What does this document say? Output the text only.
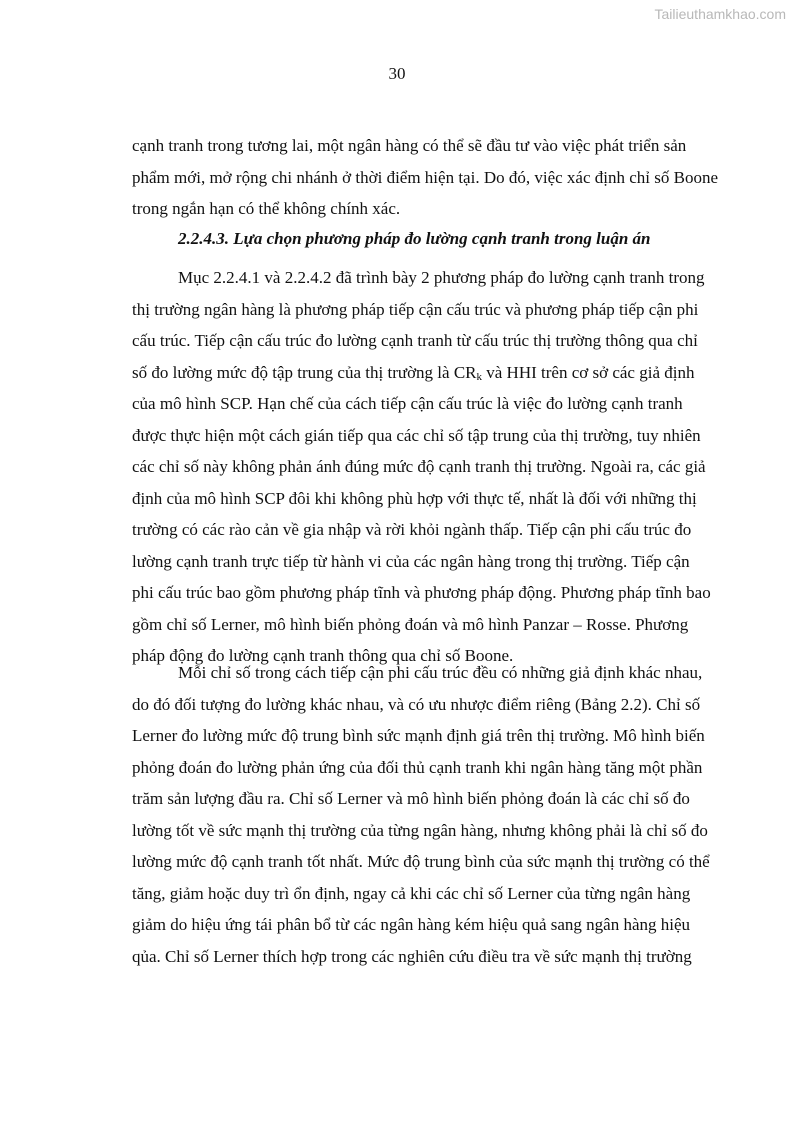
Tailieuthamkhao.com
30
cạnh tranh trong tương lai, một ngân hàng có thể sẽ đầu tư vào việc phát triển sản
phẩm mới, mở rộng chi nhánh ở thời điểm hiện tại. Do đó, việc xác định chỉ số Boone
trong ngắn hạn có thể không chính xác.
2.2.4.3. Lựa chọn phương pháp đo lường cạnh tranh trong luận án
Mục 2.2.4.1 và 2.2.4.2 đã trình bày 2 phương pháp đo lường cạnh tranh trong
thị trường ngân hàng là phương pháp tiếp cận cấu trúc và phương pháp tiếp cận phi
cấu trúc. Tiếp cận cấu trúc đo lường cạnh tranh từ cấu trúc thị trường thông qua chỉ
số đo lường mức độ tập trung của thị trường là $CR_k$ và HHI trên cơ sở các giả định
của mô hình SCP. Hạn chế của cách tiếp cận cấu trúc là việc đo lường cạnh tranh
được thực hiện một cách gián tiếp qua các chỉ số tập trung của thị trường, tuy nhiên
các chỉ số này không phản ánh đúng mức độ cạnh tranh thị trường. Ngoài ra, các giả
định của mô hình SCP đôi khi không phù hợp với thực tế, nhất là đối với những thị
trường có các rào cản về gia nhập và rời khỏi ngành thấp. Tiếp cận phi cấu trúc đo
lường cạnh tranh trực tiếp từ hành vi của các ngân hàng trong thị trường. Tiếp cận
phi cấu trúc bao gồm phương pháp tĩnh và phương pháp động. Phương pháp tĩnh bao
gồm chỉ số Lerner, mô hình biến phỏng đoán và mô hình Panzar – Rosse. Phương
pháp động đo lường cạnh tranh thông qua chỉ số Boone.
Mỗi chỉ số trong cách tiếp cận phi cấu trúc đều có những giả định khác nhau,
do đó đối tượng đo lường khác nhau, và có ưu nhược điểm riêng (Bảng 2.2). Chỉ số
Lerner đo lường mức độ trung bình sức mạnh định giá trên thị trường. Mô hình biến
phỏng đoán đo lường phản ứng của đối thủ cạnh tranh khi ngân hàng tăng một phần
trăm sản lượng đầu ra. Chỉ số Lerner và mô hình biến phỏng đoán là các chỉ số đo
lường tốt về sức mạnh thị trường của từng ngân hàng, nhưng không phải là chỉ số đo
lường mức độ cạnh tranh tốt nhất. Mức độ trung bình của sức mạnh thị trường có thể
tăng, giảm hoặc duy trì ổn định, ngay cả khi các chỉ số Lerner của từng ngân hàng
giảm do hiệu ứng tái phân bổ từ các ngân hàng kém hiệu quả sang ngân hàng hiệu
qủa. Chỉ số Lerner thích hợp trong các nghiên cứu điều tra về sức mạnh thị trường
